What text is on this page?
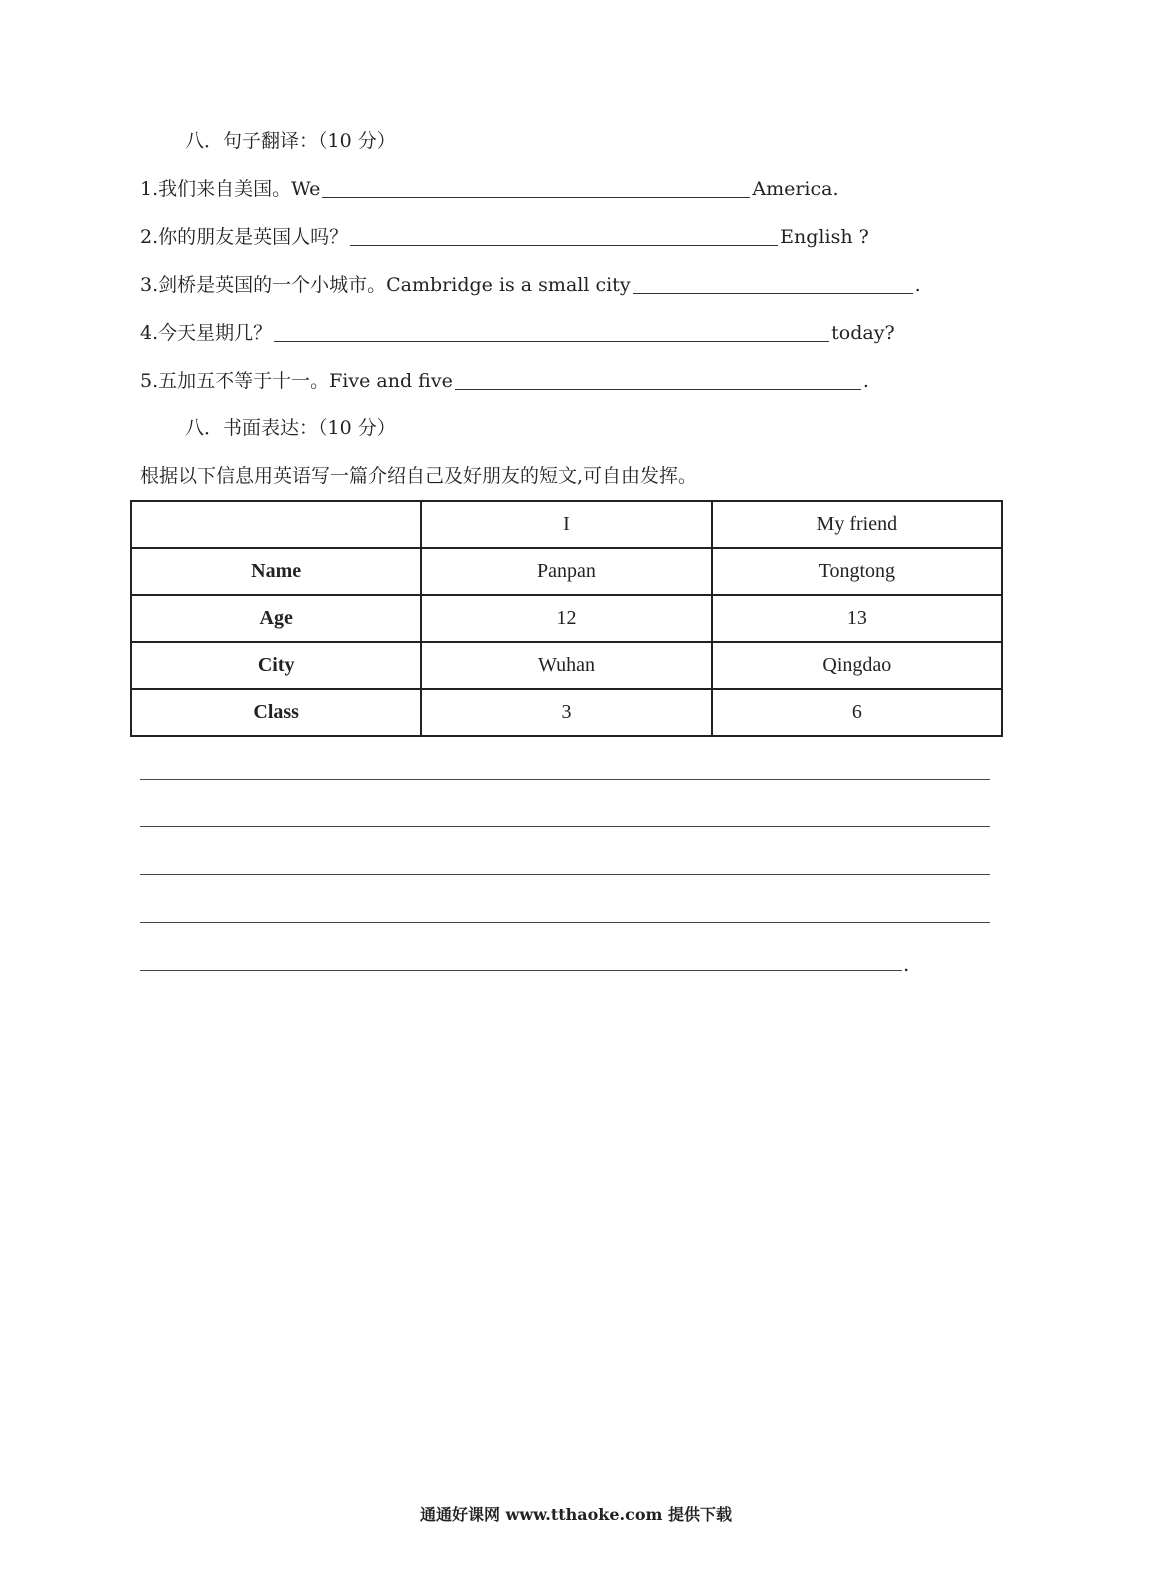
八．句子翻译：（10 分）
1.我们来自美国。We	America.
2.你的朋友是英国人吗？	English ?
3.剑桥是英国的一个小城市。Cambridge is a small city	.
4.今天星期几？	today?
5.五加五不等于十一。Five and five	.
八．书面表达：（10 分）
根据以下信息用英语写一篇介绍自己及好朋友的短文,可自由发挥。
	I	My friend
Name	Panpan	Tongtong
Age	12	13
City	Wuhan	Qingdao
Class	3	6
.
通通好课网 www.tthaoke.com 提供下载
